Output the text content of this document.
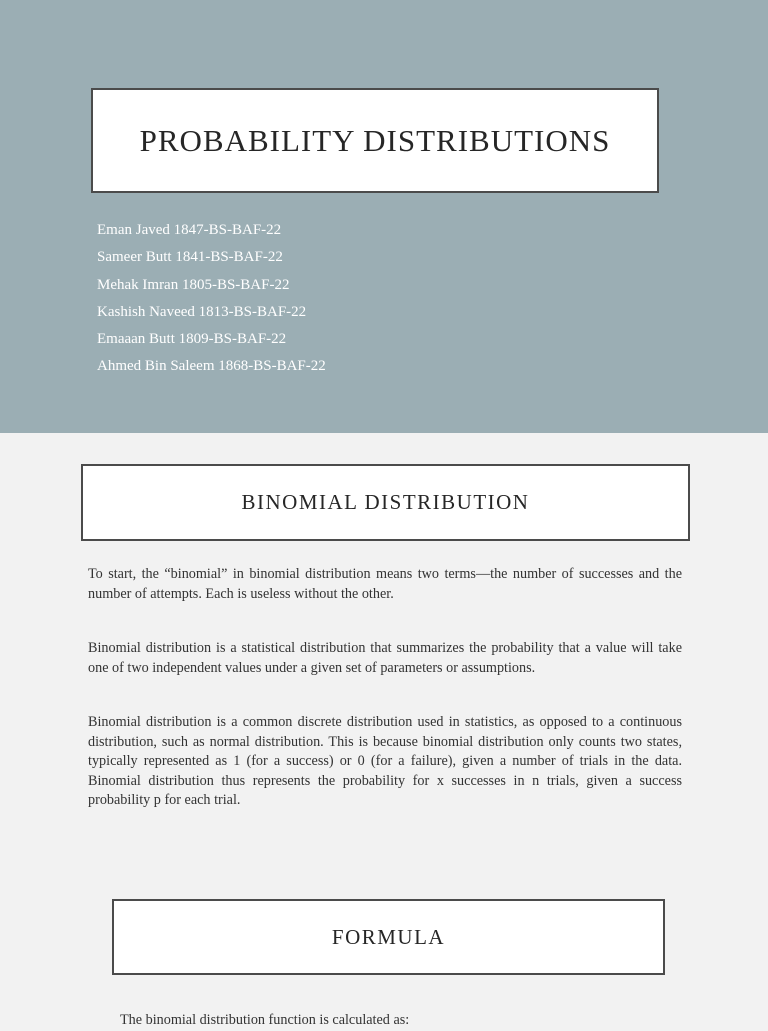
PROBABILITY DISTRIBUTIONS
Eman Javed 1847-BS-BAF-22
Sameer Butt 1841-BS-BAF-22
Mehak Imran 1805-BS-BAF-22
Kashish Naveed 1813-BS-BAF-22
Emaaan Butt 1809-BS-BAF-22
Ahmed Bin Saleem 1868-BS-BAF-22
BINOMIAL DISTRIBUTION
To start, the “binomial” in binomial distribution means two terms—the number of successes and the number of attempts. Each is useless without the other.
Binomial distribution is a statistical distribution that summarizes the probability that a value will take one of two independent values under a given set of parameters or assumptions.
Binomial distribution is a common discrete distribution used in statistics, as opposed to a continuous distribution, such as normal distribution. This is because binomial distribution only counts two states, typically represented as 1 (for a success) or 0 (for a failure), given a number of trials in the data. Binomial distribution thus represents the probability for x successes in n trials, given a success probability p for each trial.
FORMULA
The binomial distribution function is calculated as:
